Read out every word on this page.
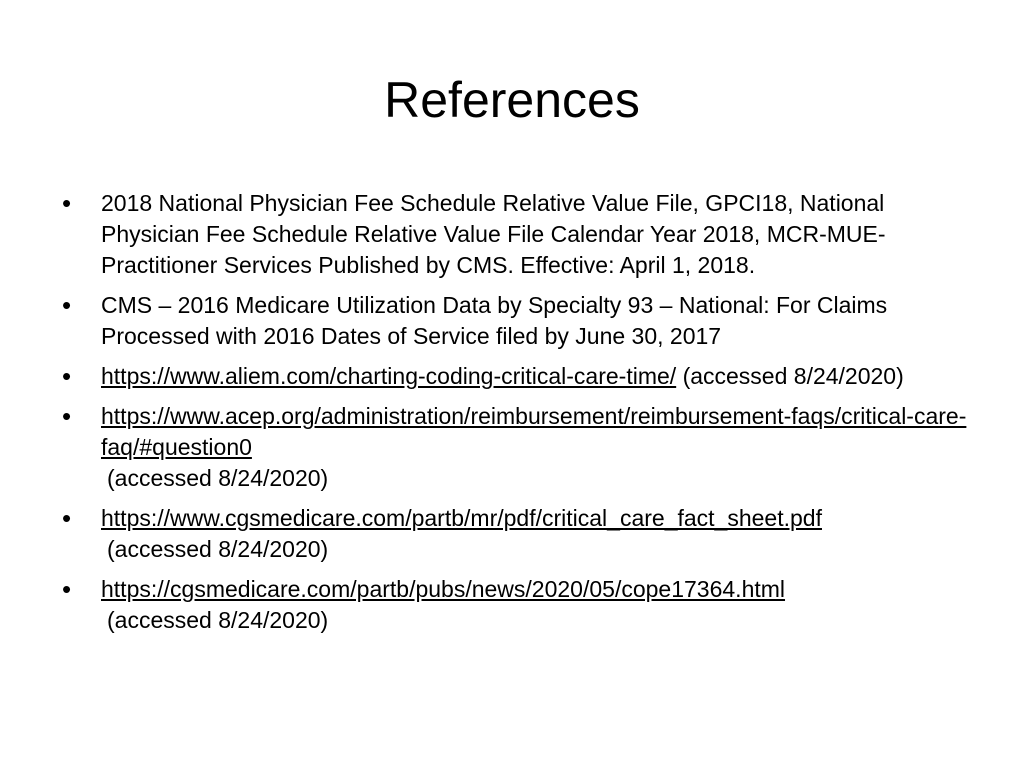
References
• 2018 National Physician Fee Schedule Relative Value File, GPCI18, National Physician Fee Schedule Relative Value File Calendar Year 2018, MCR-MUE-Practitioner Services Published by CMS. Effective: April 1, 2018.
• CMS – 2016 Medicare Utilization Data by Specialty 93 – National: For Claims Processed with 2016 Dates of Service filed by June 30, 2017
• https://www.aliem.com/charting-coding-critical-care-time/ (accessed 8/24/2020)
• https://www.acep.org/administration/reimbursement/reimbursement-faqs/critical-care-faq/#question0
(accessed 8/24/2020)
• https://www.cgsmedicare.com/partb/mr/pdf/critical_care_fact_sheet.pdf
(accessed 8/24/2020)
• https://cgsmedicare.com/partb/pubs/news/2020/05/cope17364.html
(accessed 8/24/2020)
